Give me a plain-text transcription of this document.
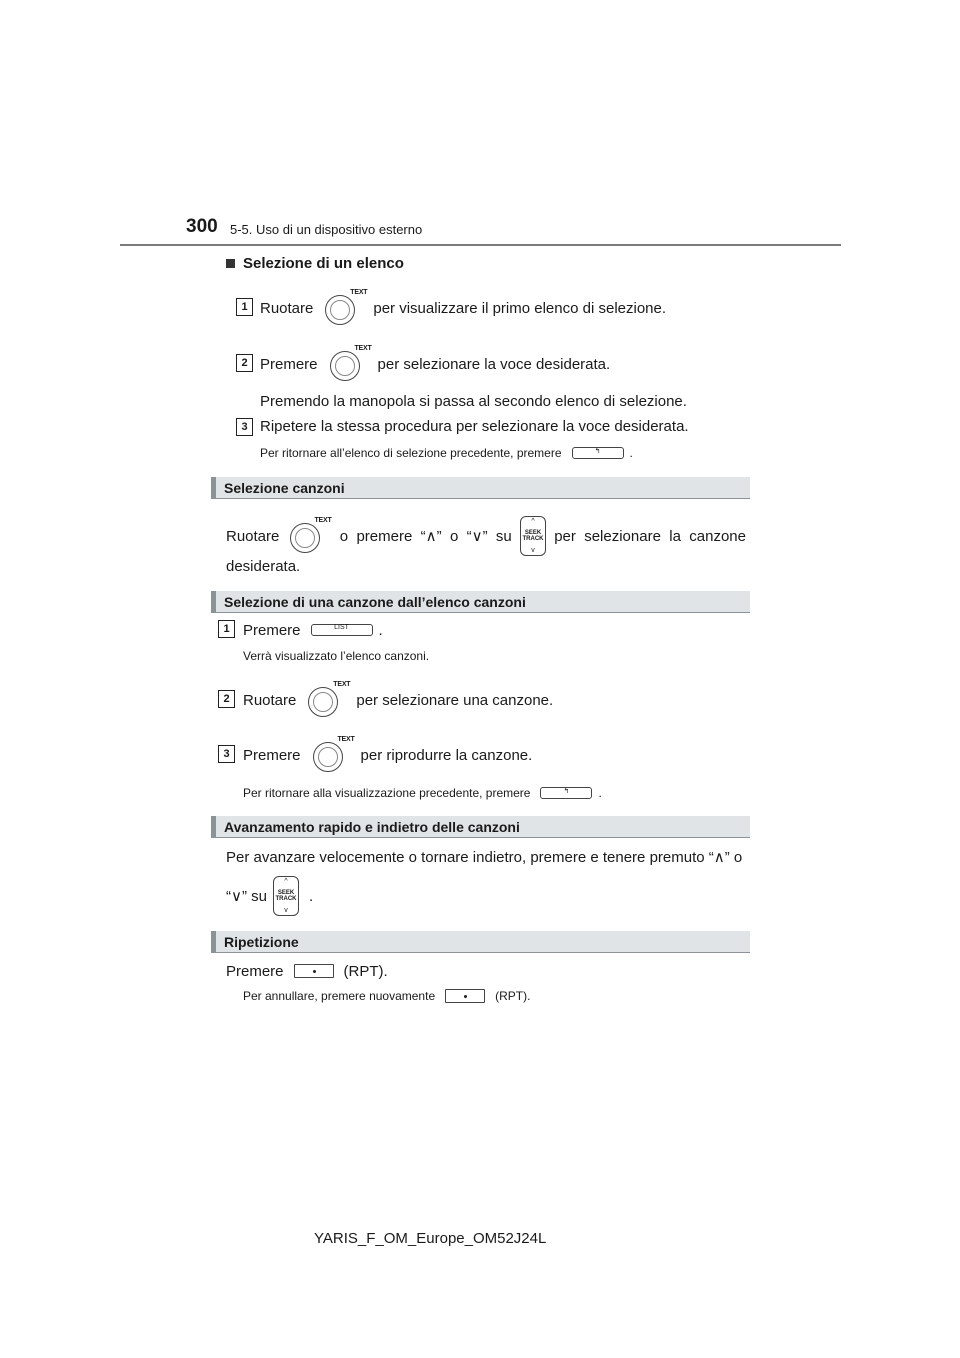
300 5-5. Uso di un dispositivo esterno
Selezione di un elenco
1 Ruotare
TEXT
per visualizzare il primo elenco di selezione.
2 Premere
TEXT
per selezionare la voce desiderata.
Premendo la manopola si passa al secondo elenco di selezione.
3 Ripetere la stessa procedura per selezionare la voce desiderata.
Per ritornare all’elenco di selezione precedente, premere	↰	.
Selezione canzoni
Ruotare
TEXT
o  premere  “∧”  o  “∨”  su
^
SEEK TRACK
v
per  selezionare  la  canzone
desiderata.
Selezione di una canzone dall’elenco canzoni
1 Premere	LIST	.
Verrà visualizzato l’elenco canzoni.
2 Ruotare
TEXT
per selezionare una canzone.
3 Premere
TEXT
per riprodurre la canzone.
Per ritornare alla visualizzazione precedente, premere	↰	.
Avanzamento rapido e indietro delle canzoni
Per avanzare velocemente o tornare indietro, premere e tenere premuto “∧” o
“∨” su
^
SEEK TRACK
v
.
Ripetizione
Premere	(RPT).
Per annullare, premere nuovamente	(RPT).
YARIS_F_OM_Europe_OM52J24L
